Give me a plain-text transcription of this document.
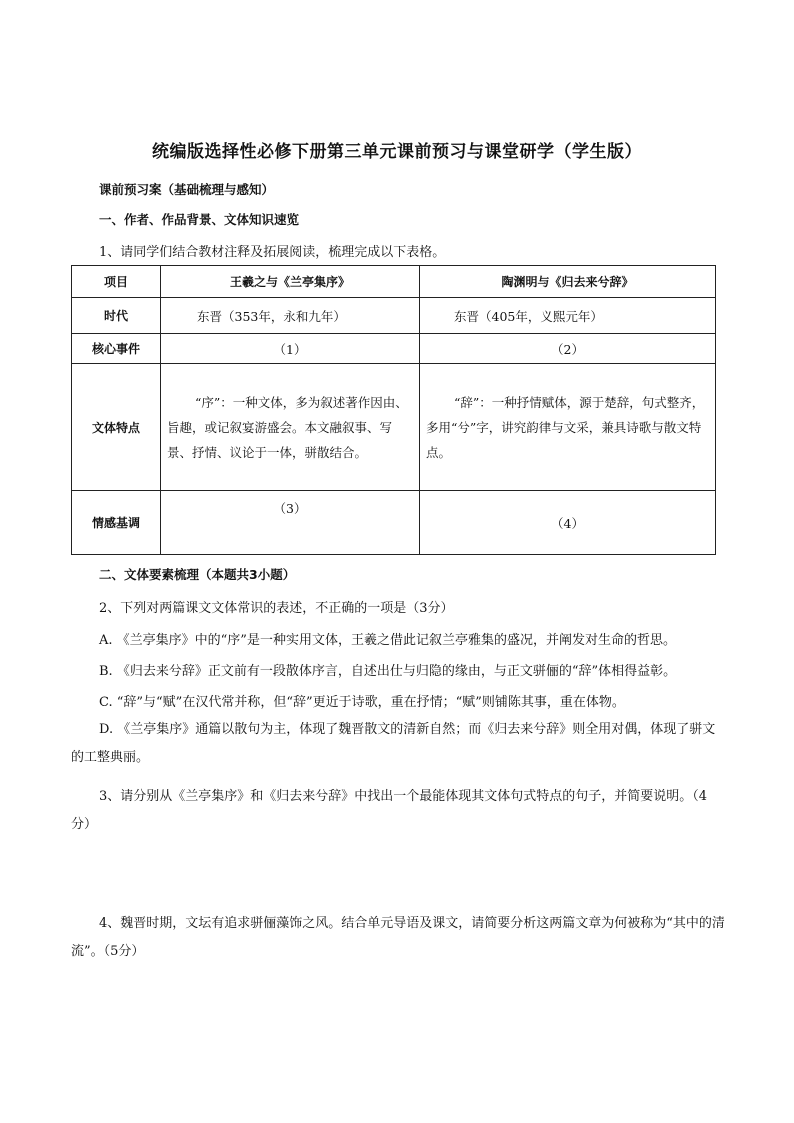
统编版选择性必修下册第三单元课前预习与课堂研学（学生版）
课前预习案（基础梳理与感知）
一、作者、作品背景、文体知识速览
1、请同学们结合教材注释及拓展阅读，梳理完成以下表格。
项目	王羲之与《兰亭集序》	陶渊明与《归去来兮辞》
时代	东晋（353年，永和九年）	东晋（405年，义熙元年）
核心事件	（1）	（2）
文体特点	“序”：一种文体，多为叙述著作因由、旨趣，或记叙宴游盛会。本文融叙事、写景、抒情、议论于一体，骈散结合。	“辞”：一种抒情赋体，源于楚辞，句式整齐，多用“兮”字，讲究韵律与文采，兼具诗歌与散文特点。
情感基调	（3）	（4）
二、文体要素梳理（本题共3小题）
2、下列对两篇课文文体常识的表述，不正确的一项是（3分）
A. 《兰亭集序》中的“序”是一种实用文体，王羲之借此记叙兰亭雅集的盛况，并阐发对生命的哲思。
B. 《归去来兮辞》正文前有一段散体序言，自述出仕与归隐的缘由，与正文骈俪的“辞”体相得益彰。
C. “辞”与“赋”在汉代常并称，但“辞”更近于诗歌，重在抒情；“赋”则铺陈其事，重在体物。
D. 《兰亭集序》通篇以散句为主，体现了魏晋散文的清新自然；而《归去来兮辞》则全用对偶，体现了骈文的工整典丽。
3、请分别从《兰亭集序》和《归去来兮辞》中找出一个最能体现其文体句式特点的句子，并简要说明。（4分）
4、魏晋时期，文坛有追求骈俪藻饰之风。结合单元导语及课文，请简要分析这两篇文章为何被称为“其中的清流”。（5分）
